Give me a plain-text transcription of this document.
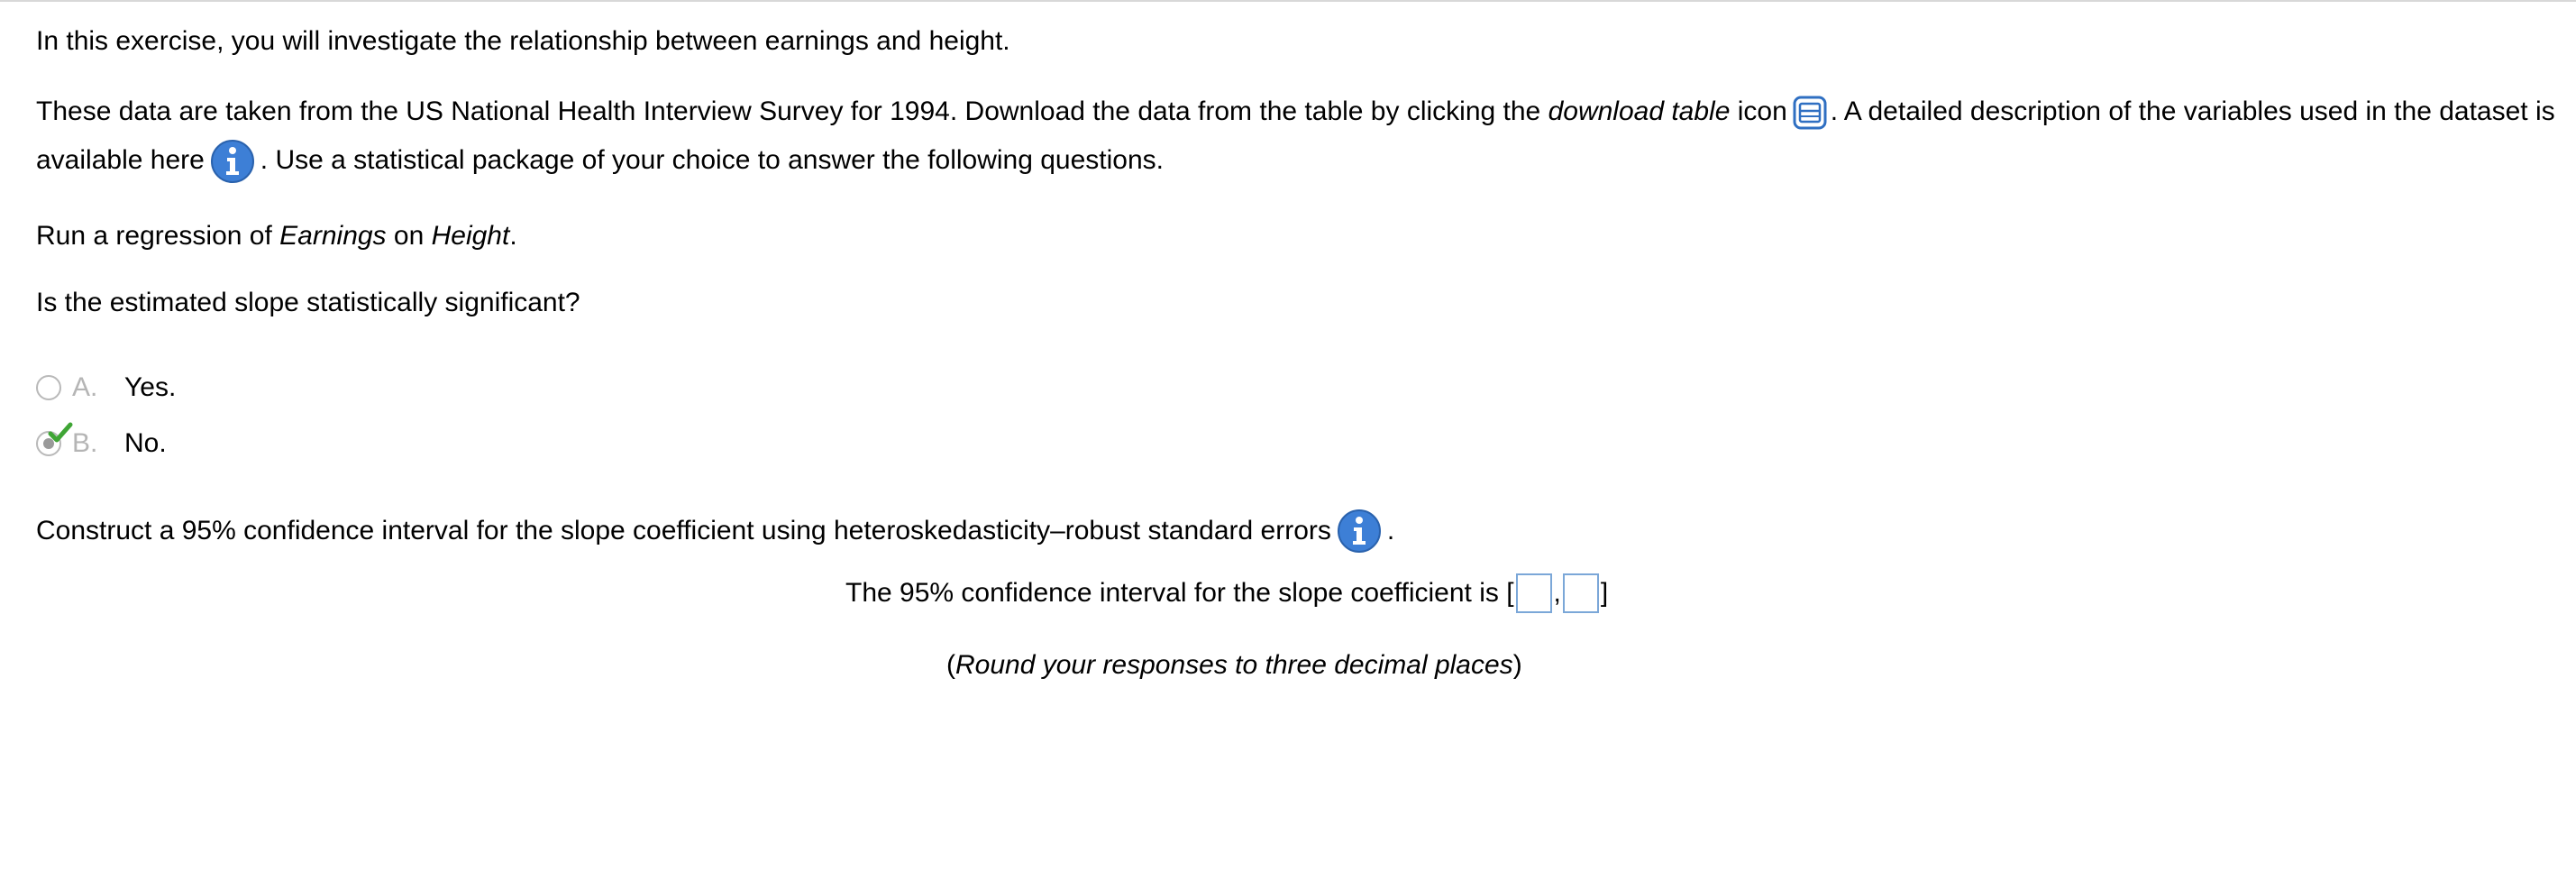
In this exercise, you will investigate the relationship between earnings and height.

These data are taken from the US National Health Interview Survey for 1994. Download the data from the table by clicking the download table icon . A detailed description of the variables used in the dataset is available here . Use a statistical package of your choice to answer the following questions.

Run a regression of Earnings on Height.

Is the estimated slope statistically significant?

A. Yes.
B. No.

Construct a 95% confidence interval for the slope coefficient using heteroskedasticity–robust standard errors .

The 95% confidence interval for the slope coefficient is [ , ]

(Round your responses to three decimal places)
